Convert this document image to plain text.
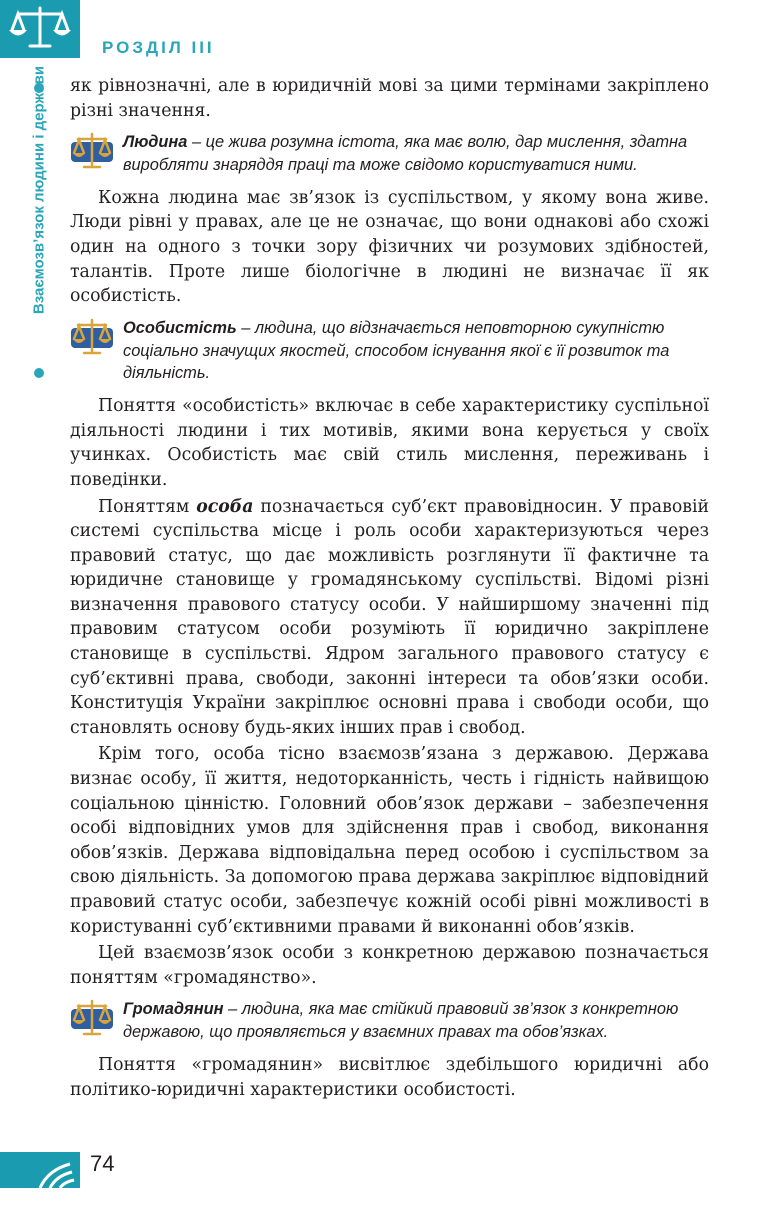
РОЗДІЛ ІІІ
Взаємозв’язок людини і держави як рівнозначні, але в юридичній мові за цими термінами закріплено різні значення.

Людина – це жива розумна істота, яка має волю, дар мислення, здатна виробляти знаряддя праці та може свідомо користуватися ними.

Кожна людина має зв’язок із суспільством, у якому вона живе. Люди рівні у правах, але це не означає, що вони однакові або схожі один на одного з точки зору фізичних чи розумових здібностей, талантів. Проте лише біологічне в людині не визначає її як особистість.

Особистість – людина, що відзначається неповторною сукупністю соціально значущих якостей, способом існування якої є її розвиток та діяльність.

Поняття «особистість» включає в себе характеристику суспільної діяльності людини і тих мотивів, якими вона керується у своїх учинках. Особистість має свій стиль мислення, переживань і поведінки.

Поняттям особа позначається суб’єкт правовідносин. У правовій системі суспільства місце і роль особи характеризуються через правовий статус, що дає можливість розглянути її фактичне та юридичне становище у громадянському суспільстві. Відомі різні визначення правового статусу особи. У найширшому значенні під правовим статусом особи розуміють її юридично закріплене становище в суспільстві. Ядром загального правового статусу є суб’єктивні права, свободи, законні інтереси та обов’язки особи. Конституція України закріплює основні права і свободи особи, що становлять основу будь-яких інших прав і свобод.

Крім того, особа тісно взаємозв’язана з державою. Держава визнає особу, її життя, недоторканність, честь і гідність найвищою соціальною цінністю. Головний обов’язок держави – забезпечення особі відповідних умов для здійснення прав і свобод, виконання обов’язків. Держава відповідальна перед особою і суспільством за свою діяльність. За допомогою права держава закріплює відповідний правовий статус особи, забезпечує кожній особі рівні можливості в користуванні суб’єктивними правами й виконанні обов’язків.

Цей взаємозв’язок особи з конкретною державою позначається поняттям «громадянство».

Громадянин – людина, яка має стійкий правовий зв’язок з конкретною державою, що проявляється у взаємних правах та обов’язках.

Поняття «громадянин» висвітлює здебільшого юридичні або політико-юридичні характеристики особистості.

74
